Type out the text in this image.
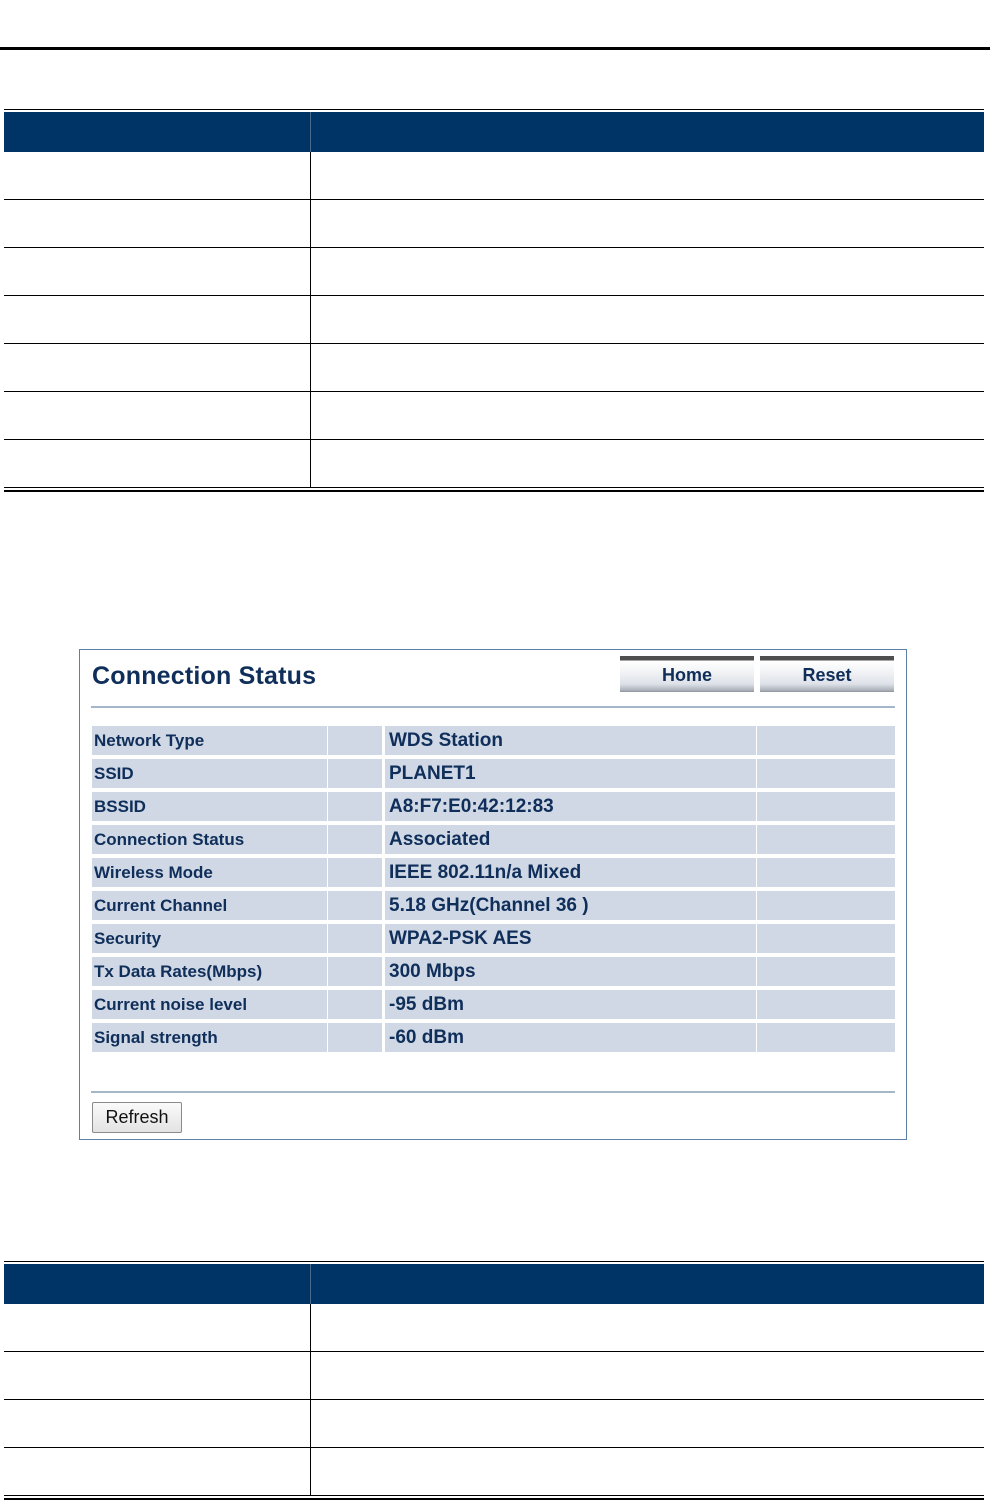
Connection Status	Home	Reset
Network Type	WDS Station
SSID	PLANET1
BSSID	A8:F7:E0:42:12:83
Connection Status	Associated
Wireless Mode	IEEE 802.11n/a Mixed
Current Channel	5.18 GHz(Channel 36 )
Security	WPA2-PSK AES
Tx Data Rates(Mbps)	300 Mbps
Current noise level	-95 dBm
Signal strength	-60 dBm
Refresh
